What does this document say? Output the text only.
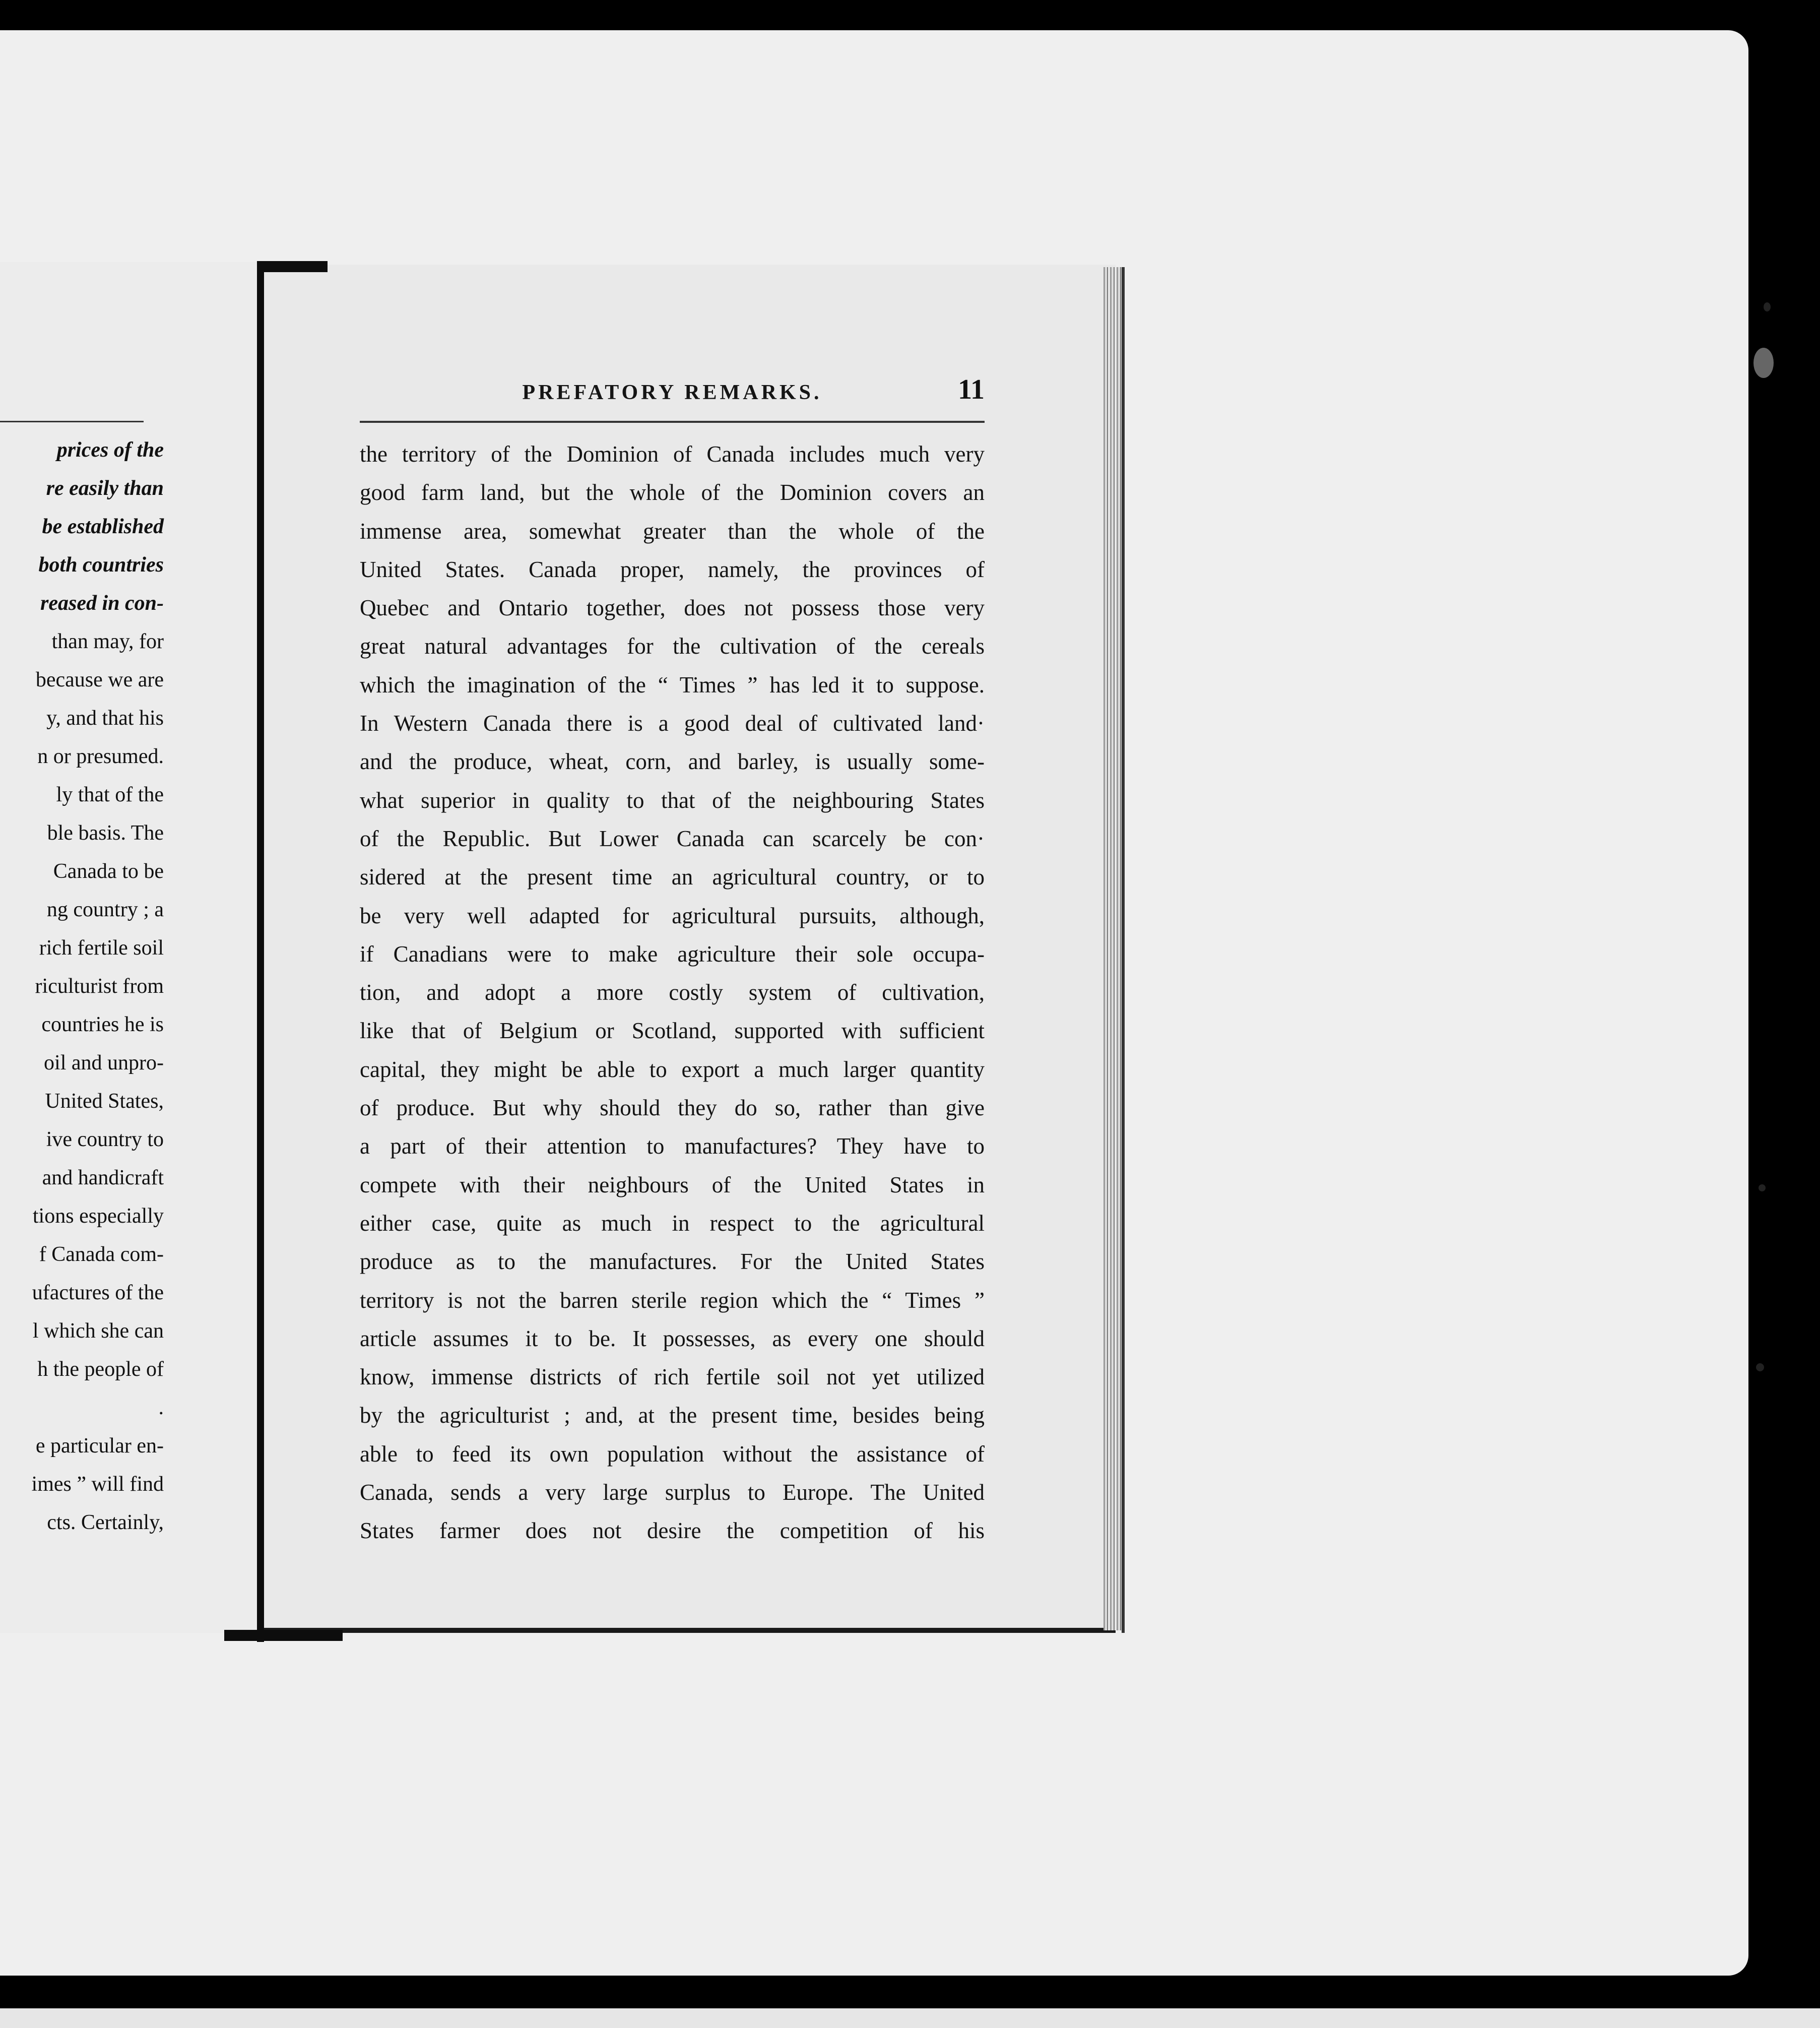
prices of the
re easily than
be established
both countries
reased in con-
than may, for
because we are
y, and that his
n or presumed.
ly that of the
ble basis. The
Canada to be
ng country ; a
rich fertile soil
riculturist from
countries he is
oil and unpro-
United States,
ive country to
and handicraft
tions especially
f Canada com-
ufactures of the
l which she can
h the people of
.
e particular en-
imes ” will find
cts. Certainly,
PREFATORY REMARKS.	11
the territory of the Dominion of Canada includes much very
good farm land, but the whole of the Dominion covers an
immense area, somewhat greater than the whole of the
United States. Canada proper, namely, the provinces of
Quebec and Ontario together, does not possess those very
great natural advantages for the cultivation of the cereals
which the imagination of the “ Times ” has led it to suppose.
In Western Canada there is a good deal of cultivated land·
and the produce, wheat, corn, and barley, is usually some-
what superior in quality to that of the neighbouring States
of the Republic. But Lower Canada can scarcely be con·
sidered at the present time an agricultural country, or to
be very well adapted for agricultural pursuits, although,
if Canadians were to make agriculture their sole occupa-
tion, and adopt a more costly system of cultivation,
like that of Belgium or Scotland, supported with sufficient
capital, they might be able to export a much larger quantity
of produce. But why should they do so, rather than give
a part of their attention to manufactures? They have to
compete with their neighbours of the United States in
either case, quite as much in respect to the agricultural
produce as to the manufactures. For the United States
territory is not the barren sterile region which the “ Times ”
article assumes it to be. It possesses, as every one should
know, immense districts of rich fertile soil not yet utilized
by the agriculturist ; and, at the present time, besides being
able to feed its own population without the assistance of
Canada, sends a very large surplus to Europe. The United
States farmer does not desire the competition of his
